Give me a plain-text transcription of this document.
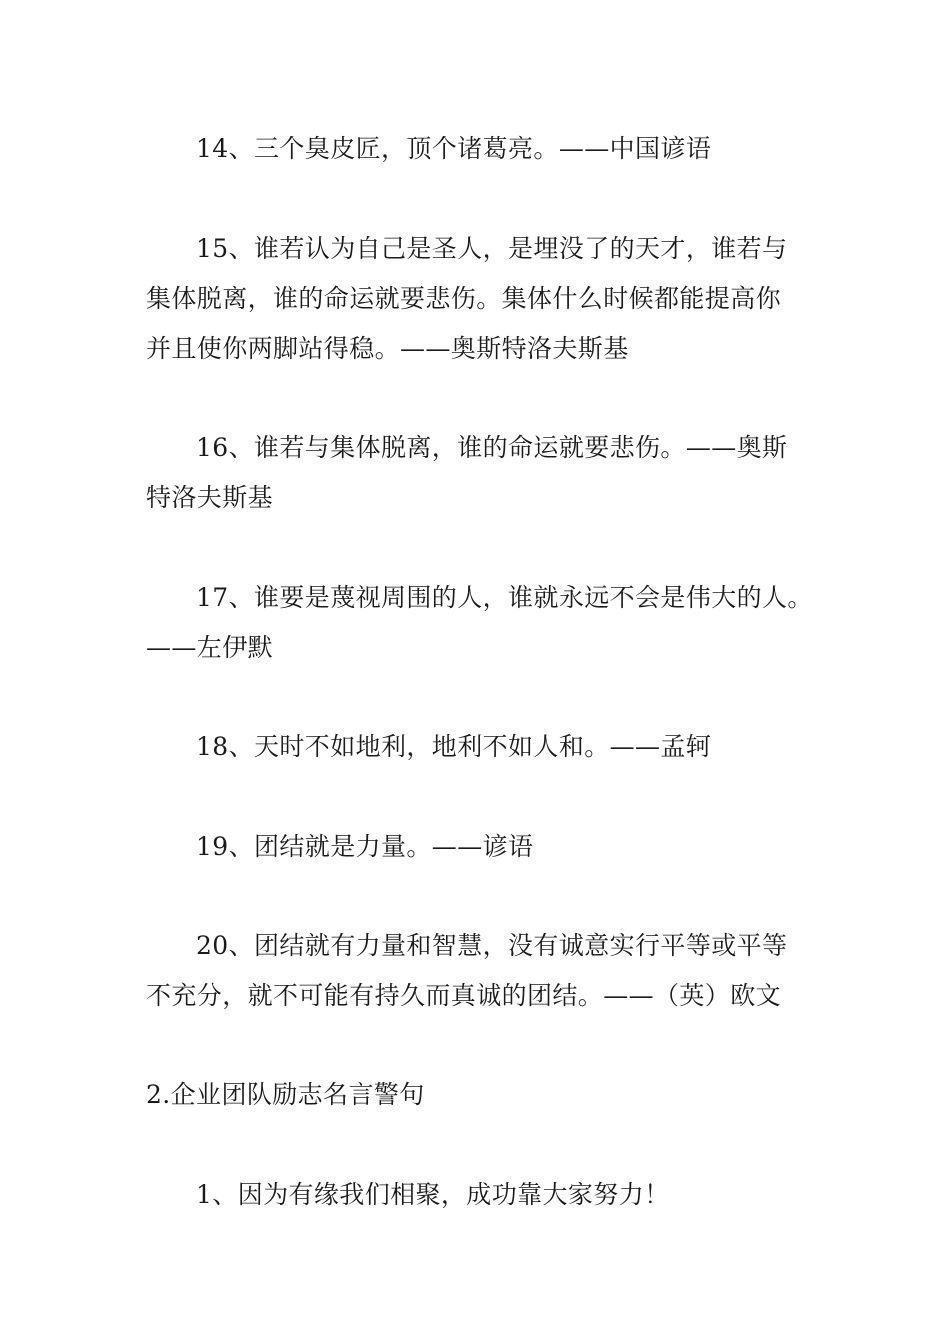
14、三个臭皮匠，顶个诸葛亮。——中国谚语
15、谁若认为自己是圣人，是埋没了的天才，谁若与
集体脱离，谁的命运就要悲伤。集体什么时候都能提高你
并且使你两脚站得稳。——奥斯特洛夫斯基
16、谁若与集体脱离，谁的命运就要悲伤。——奥斯
特洛夫斯基
17、谁要是蔑视周围的人，谁就永远不会是伟大的人。
——左伊默
18、天时不如地利，地利不如人和。——孟轲
19、团结就是力量。——谚语
20、团结就有力量和智慧，没有诚意实行平等或平等
不充分，就不可能有持久而真诚的团结。——（英）欧文
2.企业团队励志名言警句
1、因为有缘我们相聚，成功靠大家努力！
